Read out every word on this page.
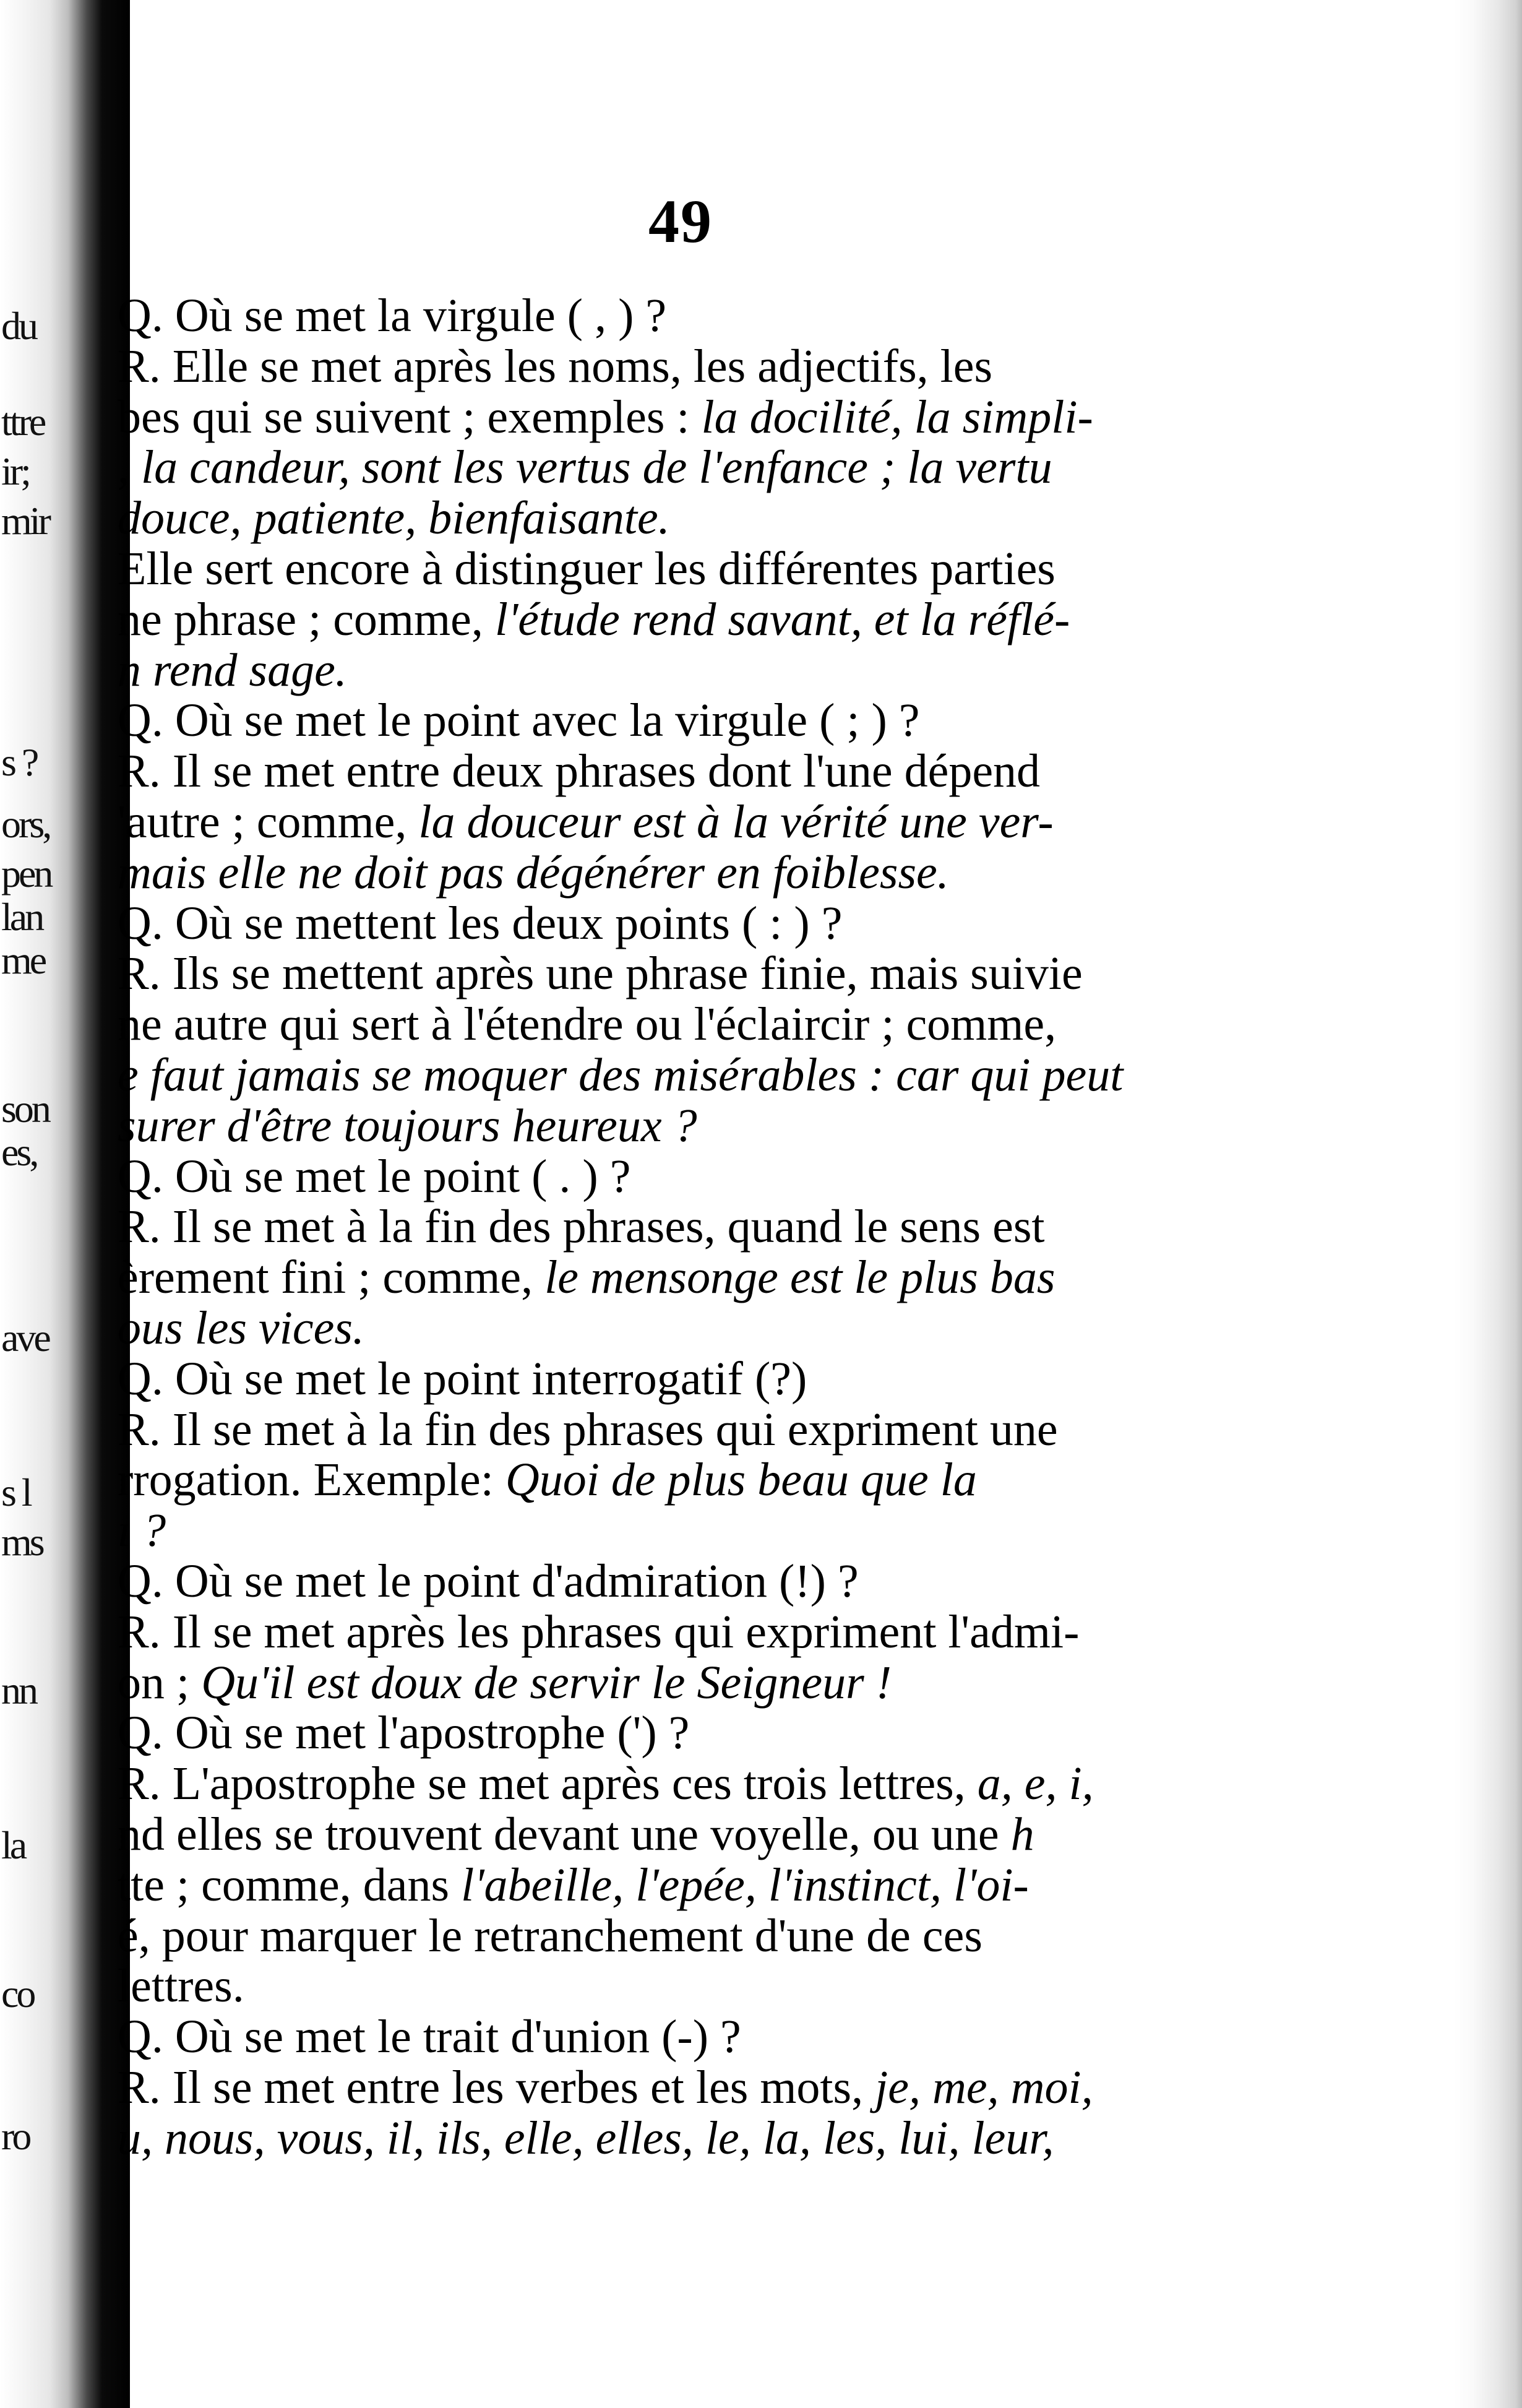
du
ttre
ir;
mir
s ?
ors,
pen
lan
me
son
es,
ave
s l
ms
nn
la
co
ro
49
Q. Où se met la virgule ( , ) ?
R. Elle se met après les noms, les adjectifs, les
bes qui se suivent ; exemples : la docilité, la simpli-
, la candeur, sont les vertus de l'enfance ; la vertu
douce, patiente, bienfaisante.
Elle sert encore à distinguer les différentes parties
ne phrase ; comme, l'étude rend savant, et la réflé-
n rend sage.
Q. Où se met le point avec la virgule ( ; ) ?
R. Il se met entre deux phrases dont l'une dépend
'autre ; comme, la douceur est à la vérité une ver-
mais elle ne doit pas dégénérer en foiblesse.
Q. Où se mettent les deux points ( : ) ?
R. Ils se mettent après une phrase finie, mais suivie
ne autre qui sert à l'étendre ou l'éclaircir ; comme,
e faut jamais se moquer des misérables : car qui peut
surer d'être toujours heureux ?
Q. Où se met le point ( . ) ?
R. Il se met à la fin des phrases, quand le sens est
èrement fini ; comme, le mensonge est le plus bas
ous les vices.
Q. Où se met le point interrogatif (?)
R. Il se met à la fin des phrases qui expriment une
rrogation. Exemple: Quoi de plus beau que la
ı ?
Q. Où se met le point d'admiration (!) ?
R. Il se met après les phrases qui expriment l'admi-
on ; Qu'il est doux de servir le Seigneur !
Q. Où se met l'apostrophe (') ?
R. L'apostrophe se met après ces trois lettres, a, e, i,
nd elles se trouvent devant une voyelle, ou une h
tte ; comme, dans l'abeille, l'epée, l'instinct, l'oi-
é, pour marquer le retranchement d'une de ces
lettres.
Q. Où se met le trait d'union (-) ?
R. Il se met entre les verbes et les mots, je, me, moi,
u, nous, vous, il, ils, elle, elles, le, la, les, lui, leur,
